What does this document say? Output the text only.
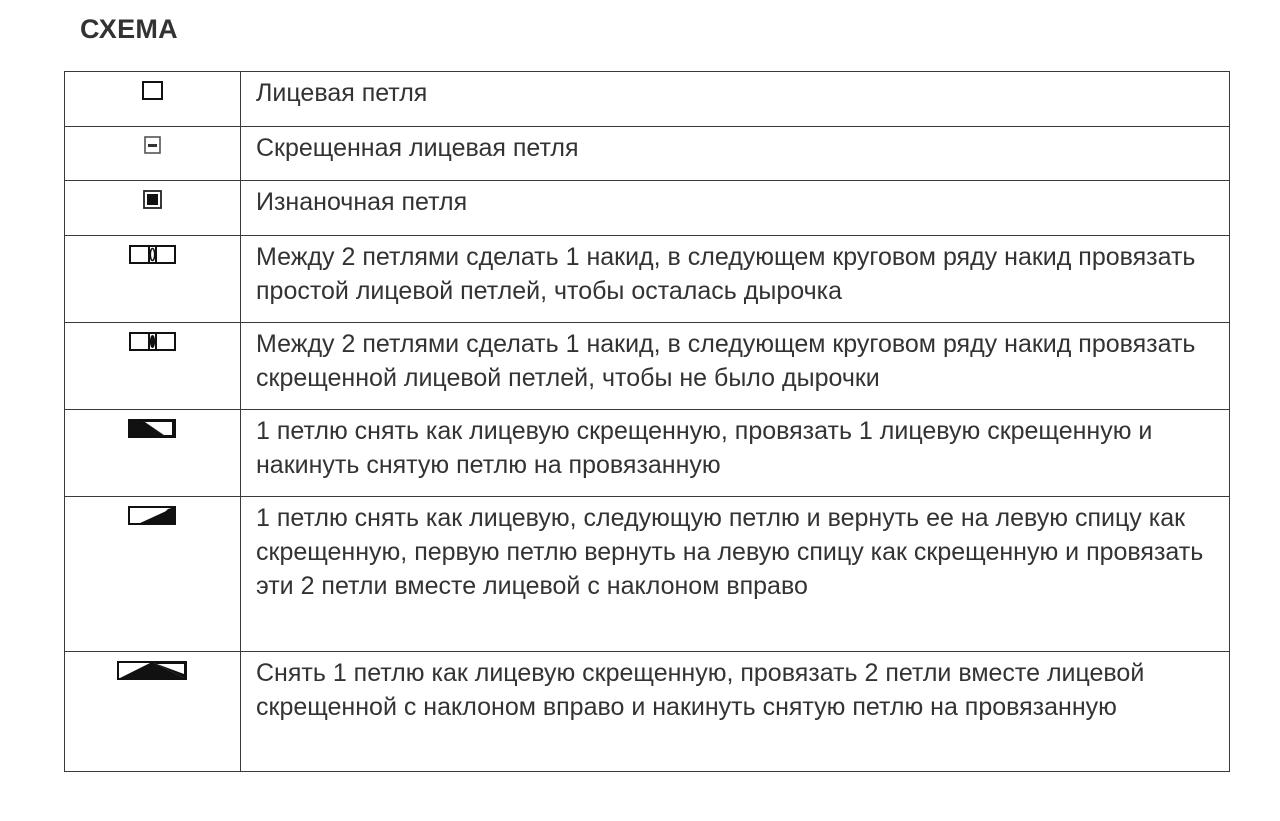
СХЕМА
	Лицевая петля

	Скрещенная лицевая петля

	Изнаночная петля

	Между 2 петлями сделать 1 накид, в следующем круговом ряду накид провязать простой лицевой петлей, чтобы осталась дырочка

	Между 2 петлями сделать 1 накид, в следующем круговом ряду накид провязать скрещенной лицевой петлей, чтобы не было дырочки

	1 петлю снять как лицевую скрещенную, провязать 1 лицевую скрещенную и накинуть снятую петлю на провязанную

	1 петлю снять как лицевую, следующую петлю и вернуть ее на левую спицу как скрещенную, первую петлю вернуть на левую спицу как скрещенную и провязать эти 2 петли вместе лицевой с наклоном вправо

	Снять 1 петлю как лицевую скрещенную, провязать 2 петли вместе лицевой скрещенной с наклоном вправо и накинуть снятую петлю на провязанную
